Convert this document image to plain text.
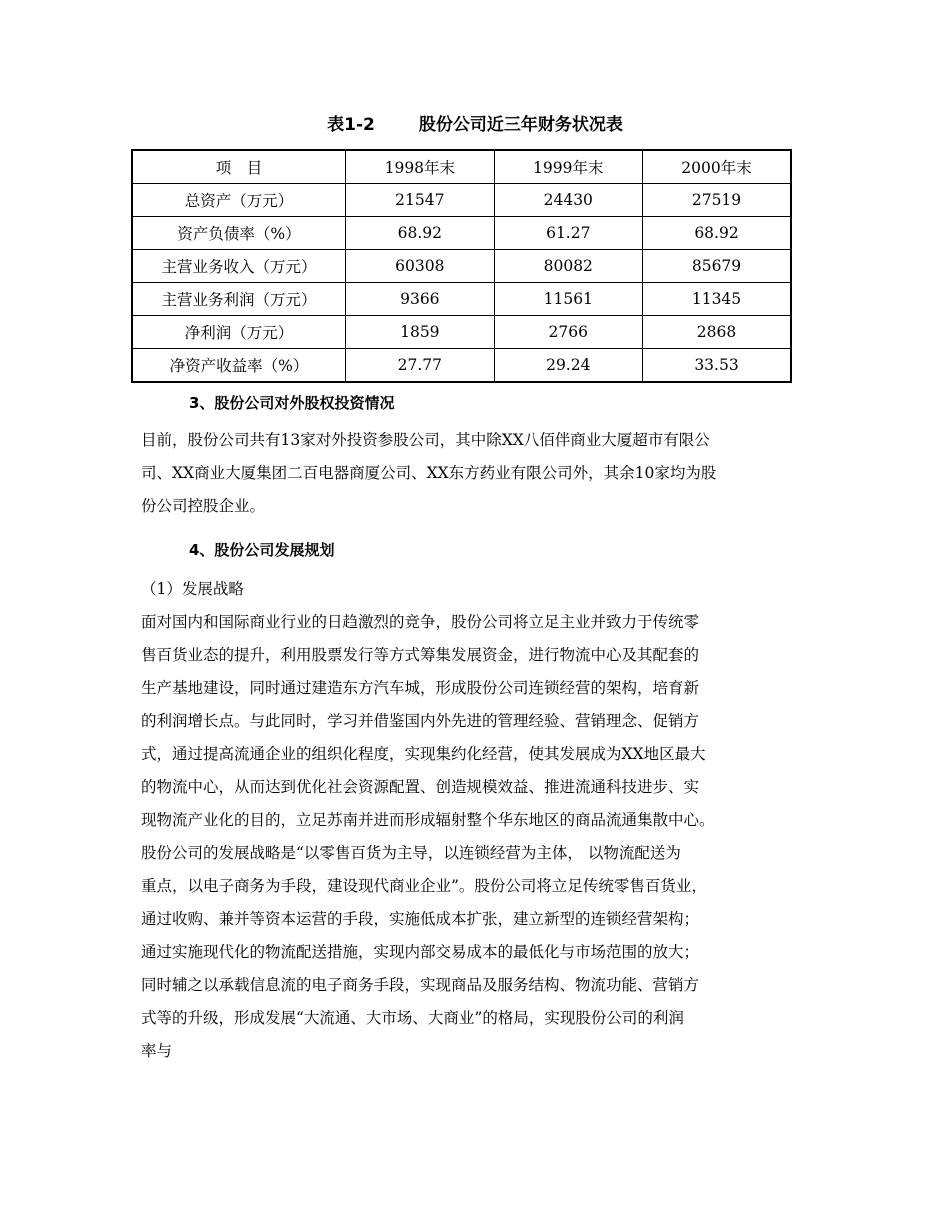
表1-2	股份公司近三年财务状况表
项　目	1998年末	1999年末	2000年末
总资产（万元）	21547	24430	27519
资产负债率（%）	68.92	61.27	68.92
主营业务收入（万元）	60308	80082	85679
主营业务利润（万元）	9366	11561	11345
净利润（万元）	1859	2766	2868
净资产收益率（%）	27.77	29.24	33.53
3、股份公司对外股权投资情况
目前，股份公司共有13家对外投资参股公司，其中除XX八佰伴商业大厦超市有限公
司、XX商业大厦集团二百电器商厦公司、XX东方药业有限公司外，其余10家均为股
份公司控股企业。
4、股份公司发展规划
（1）发展战略
面对国内和国际商业行业的日趋激烈的竞争，股份公司将立足主业并致力于传统零
售百货业态的提升，利用股票发行等方式筹集发展资金，进行物流中心及其配套的
生产基地建设，同时通过建造东方汽车城，形成股份公司连锁经营的架构，培育新
的利润增长点。与此同时，学习并借鉴国内外先进的管理经验、营销理念、促销方
式，通过提高流通企业的组织化程度，实现集约化经营，使其发展成为XX地区最大
的物流中心，从而达到优化社会资源配置、创造规模效益、推进流通科技进步、实
现物流产业化的目的，立足苏南并进而形成辐射整个华东地区的商品流通集散中心。
股份公司的发展战略是“以零售百货为主导，以连锁经营为主体， 以物流配送为
重点，以电子商务为手段，建设现代商业企业”。股份公司将立足传统零售百货业，
通过收购、兼并等资本运营的手段，实施低成本扩张，建立新型的连锁经营架构；
通过实施现代化的物流配送措施，实现内部交易成本的最低化与市场范围的放大；
同时辅之以承载信息流的电子商务手段，实现商品及服务结构、物流功能、营销方
式等的升级，形成发展“大流通、大市场、大商业”的格局，实现股份公司的利润
率与
